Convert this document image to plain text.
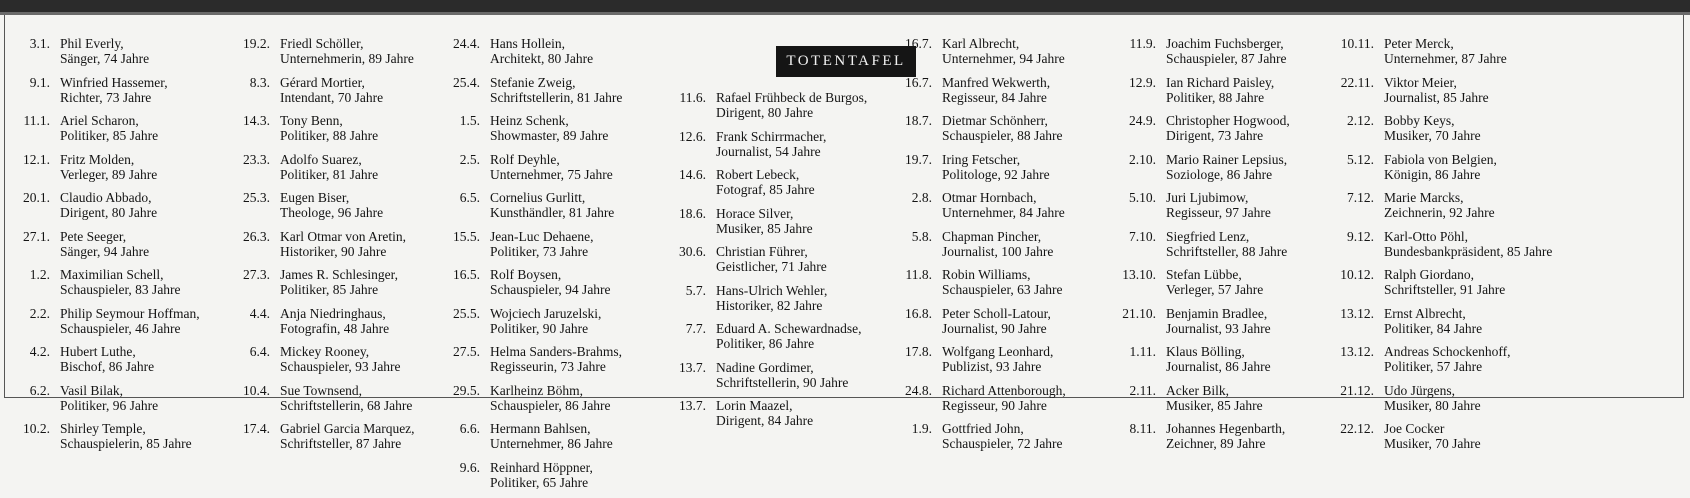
TOTENTAFEL
3.1. Phil Everly,
Sänger, 74 Jahre
9.1. Winfried Hassemer,
Richter, 73 Jahre
11.1. Ariel Scharon,
Politiker, 85 Jahre
12.1. Fritz Molden,
Verleger, 89 Jahre
20.1. Claudio Abbado,
Dirigent, 80 Jahre
27.1. Pete Seeger,
Sänger, 94 Jahre
1.2. Maximilian Schell,
Schauspieler, 83 Jahre
2.2. Philip Seymour Hoffman,
Schauspieler, 46 Jahre
4.2. Hubert Luthe,
Bischof, 86 Jahre
6.2. Vasil Bilak,
Politiker, 96 Jahre
10.2. Shirley Temple,
Schauspielerin, 85 Jahre
19.2. Friedl Schöller,
Unternehmerin, 89 Jahre
8.3. Gérard Mortier,
Intendant, 70 Jahre
14.3. Tony Benn,
Politiker, 88 Jahre
23.3. Adolfo Suarez,
Politiker, 81 Jahre
25.3. Eugen Biser,
Theologe, 96 Jahre
26.3. Karl Otmar von Aretin,
Historiker, 90 Jahre
27.3. James R. Schlesinger,
Politiker, 85 Jahre
4.4. Anja Niedringhaus,
Fotografin, 48 Jahre
6.4. Mickey Rooney,
Schauspieler, 93 Jahre
10.4. Sue Townsend,
Schriftstellerin, 68 Jahre
17.4. Gabriel Garcia Marquez,
Schriftsteller, 87 Jahre
24.4. Hans Hollein,
Architekt, 80 Jahre
25.4. Stefanie Zweig,
Schriftstellerin, 81 Jahre
1.5. Heinz Schenk,
Showmaster, 89 Jahre
2.5. Rolf Deyhle,
Unternehmer, 75 Jahre
6.5. Cornelius Gurlitt,
Kunsthändler, 81 Jahre
15.5. Jean-Luc Dehaene,
Politiker, 73 Jahre
16.5. Rolf Boysen,
Schauspieler, 94 Jahre
25.5. Wojciech Jaruzelski,
Politiker, 90 Jahre
27.5. Helma Sanders-Brahms,
Regisseurin, 73 Jahre
29.5. Karlheinz Böhm,
Schauspieler, 86 Jahre
6.6. Hermann Bahlsen,
Unternehmer, 86 Jahre
9.6. Reinhard Höppner,
Politiker, 65 Jahre
11.6. Rafael Frühbeck de Burgos,
Dirigent, 80 Jahre
12.6. Frank Schirrmacher,
Journalist, 54 Jahre
14.6. Robert Lebeck,
Fotograf, 85 Jahre
18.6. Horace Silver,
Musiker, 85 Jahre
30.6. Christian Führer,
Geistlicher, 71 Jahre
5.7. Hans-Ulrich Wehler,
Historiker, 82 Jahre
7.7. Eduard A. Schewardnadse,
Politiker, 86 Jahre
13.7. Nadine Gordimer,
Schriftstellerin, 90 Jahre
13.7. Lorin Maazel,
Dirigent, 84 Jahre
16.7. Karl Albrecht,
Unternehmer, 94 Jahre
16.7. Manfred Wekwerth,
Regisseur, 84 Jahre
18.7. Dietmar Schönherr,
Schauspieler, 88 Jahre
19.7. Iring Fetscher,
Politologe, 92 Jahre
2.8. Otmar Hornbach,
Unternehmer, 84 Jahre
5.8. Chapman Pincher,
Journalist, 100 Jahre
11.8. Robin Williams,
Schauspieler, 63 Jahre
16.8. Peter Scholl-Latour,
Journalist, 90 Jahre
17.8. Wolfgang Leonhard,
Publizist, 93 Jahre
24.8. Richard Attenborough,
Regisseur, 90 Jahre
1.9. Gottfried John,
Schauspieler, 72 Jahre
11.9. Joachim Fuchsberger,
Schauspieler, 87 Jahre
12.9. Ian Richard Paisley,
Politiker, 88 Jahre
24.9. Christopher Hogwood,
Dirigent, 73 Jahre
2.10. Mario Rainer Lepsius,
Soziologe, 86 Jahre
5.10. Juri Ljubimow,
Regisseur, 97 Jahre
7.10. Siegfried Lenz,
Schriftsteller, 88 Jahre
13.10. Stefan Lübbe,
Verleger, 57 Jahre
21.10. Benjamin Bradlee,
Journalist, 93 Jahre
1.11. Klaus Bölling,
Journalist, 86 Jahre
2.11. Acker Bilk,
Musiker, 85 Jahre
8.11. Johannes Hegenbarth,
Zeichner, 89 Jahre
10.11. Peter Merck,
Unternehmer, 87 Jahre
22.11. Viktor Meier,
Journalist, 85 Jahre
2.12. Bobby Keys,
Musiker, 70 Jahre
5.12. Fabiola von Belgien,
Königin, 86 Jahre
7.12. Marie Marcks,
Zeichnerin, 92 Jahre
9.12. Karl-Otto Pöhl,
Bundesbankpräsident, 85 Jahre
10.12. Ralph Giordano,
Schriftsteller, 91 Jahre
13.12. Ernst Albrecht,
Politiker, 84 Jahre
13.12. Andreas Schockenhoff,
Politiker, 57 Jahre
21.12. Udo Jürgens,
Musiker, 80 Jahre
22.12. Joe Cocker
Musiker, 70 Jahre
